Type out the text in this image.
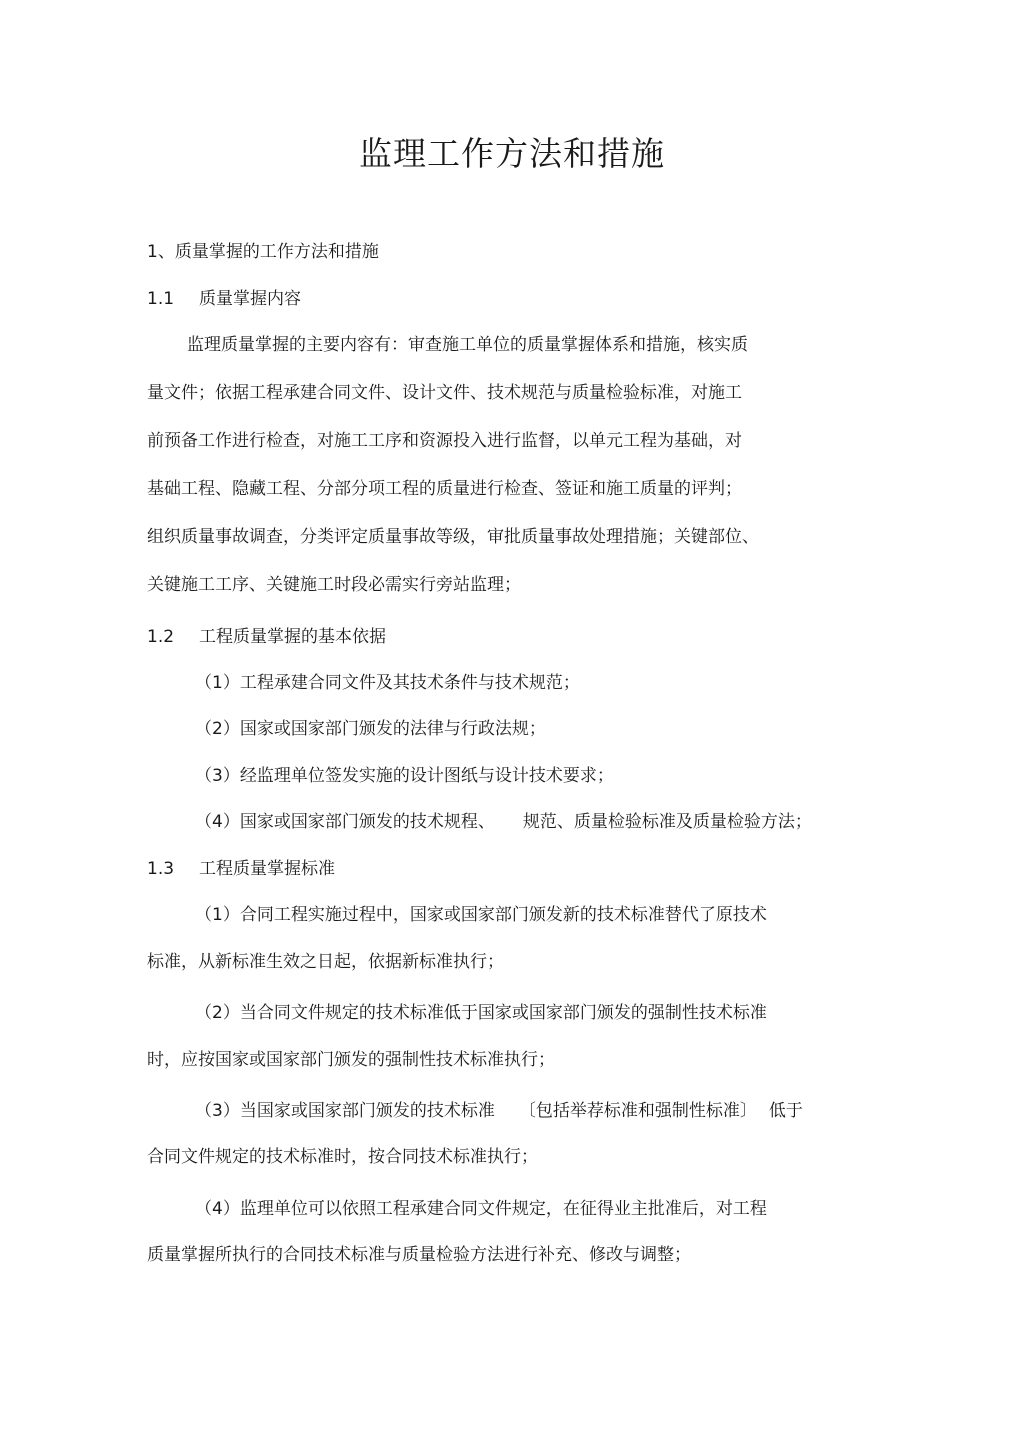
监理工作方法和措施
1、质量掌握的工作方法和措施
1.1 质量掌握内容
监理质量掌握的主要内容有：审查施工单位的质量掌握体系和措施，核实质
量文件；依据工程承建合同文件、设计文件、技术规范与质量检验标准，对施工
前预备工作进行检查，对施工工序和资源投入进行监督，以单元工程为基础，对
基础工程、隐藏工程、分部分项工程的质量进行检查、签证和施工质量的评判；
组织质量事故调查，分类评定质量事故等级，审批质量事故处理措施；关键部位、
关键施工工序、关键施工时段必需实行旁站监理；
1.2 工程质量掌握的基本依据
（1）工程承建合同文件及其技术条件与技术规范；
（2）国家或国家部门颁发的法律与行政法规；
（3）经监理单位签发实施的设计图纸与设计技术要求；
（4）国家或国家部门颁发的技术规程、 规范、质量检验标准及质量检验方法；
1.3 工程质量掌握标准
（1）合同工程实施过程中，国家或国家部门颁发新的技术标准替代了原技术
标准，从新标准生效之日起，依据新标准执行；
（2）当合同文件规定的技术标准低于国家或国家部门颁发的强制性技术标准
时，应按国家或国家部门颁发的强制性技术标准执行；
（3）当国家或国家部门颁发的技术标准 〔包括举荐标准和强制性标准〕 低于
合同文件规定的技术标准时，按合同技术标准执行；
（4）监理单位可以依照工程承建合同文件规定，在征得业主批准后，对工程
质量掌握所执行的合同技术标准与质量检验方法进行补充、修改与调整；
